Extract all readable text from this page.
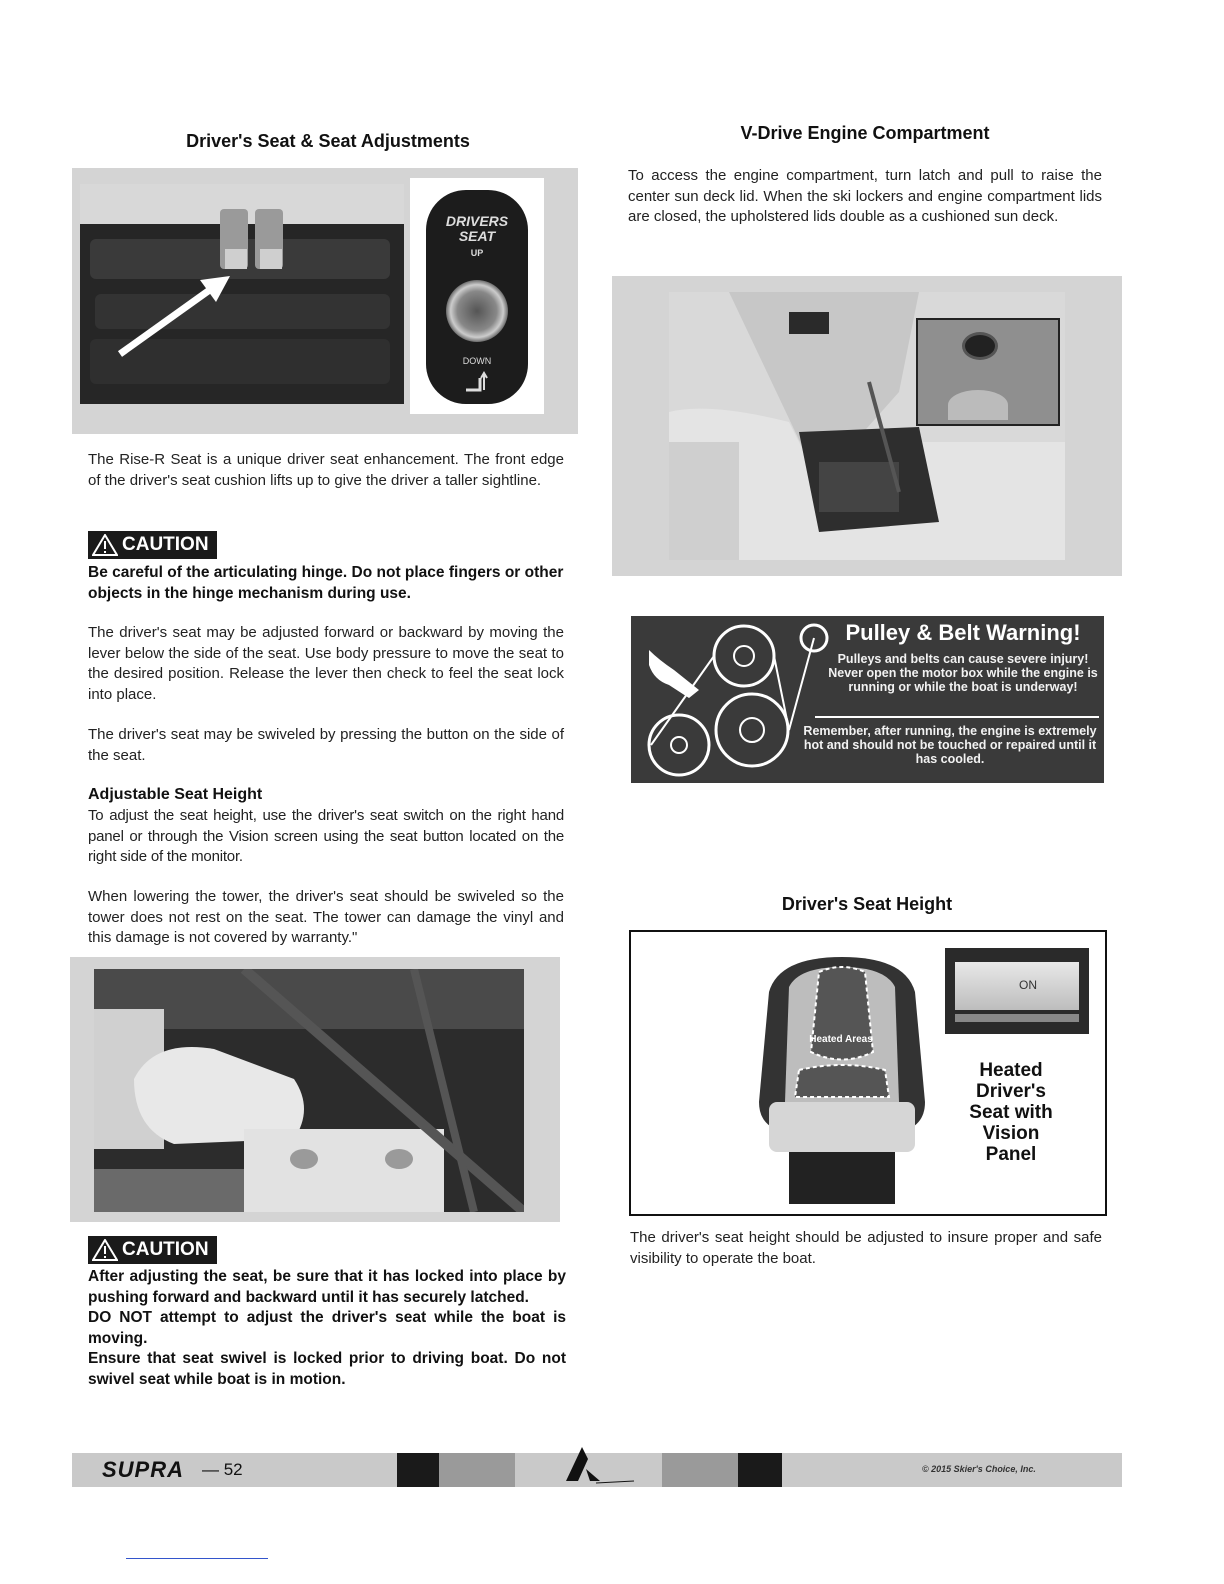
Driver's Seat & Seat Adjustments
DRIVERS
SEAT
UP
DOWN
The Rise-R Seat is a unique driver seat enhancement. The front edge of the driver's seat cushion lifts up to give the driver a taller sightline.
CAUTION
Be careful of the articulating hinge. Do not place fingers or other objects in the hinge mechanism during use.
The driver's seat may be adjusted forward or backward by moving the lever below the side of the seat. Use body pressure to move the seat to the desired position. Release the lever then check to feel the seat lock into place.
The driver's seat may be swiveled by pressing the button on the side of the seat.
Adjustable Seat Height
To adjust the seat height, use the driver's seat switch on the right hand panel or through the Vision screen using the seat button located on the right side of the monitor.
When lowering the tower, the driver's seat should be swiveled so the tower does not rest on the seat. The tower can damage the vinyl and this damage is not covered by warranty."
CAUTION
After adjusting the seat, be sure that it has locked into place by pushing forward and backward until it has securely latched.
DO NOT attempt to adjust the driver's seat while the boat is moving.
Ensure that seat swivel is locked prior to driving boat. Do not swivel seat while boat is in motion.
V-Drive Engine Compartment
To access the engine compartment, turn latch and pull to raise the center sun deck lid. When the ski lockers and engine compartment lids are closed, the upholstered lids double as a cushioned sun deck.
Pulley & Belt Warning!
Pulleys and belts can cause severe injury! Never open the motor box while the engine is running or while the boat is underway!
Remember, after running, the engine is extremely hot and should not be touched or repaired until it has cooled.
Driver's Seat Height
Heated Areas
ON
Heated Driver's Seat with Vision Panel
The driver's seat height should be adjusted to insure proper and safe visibility to operate the boat.
SUPRA — 52	© 2015 Skier's Choice, Inc.
